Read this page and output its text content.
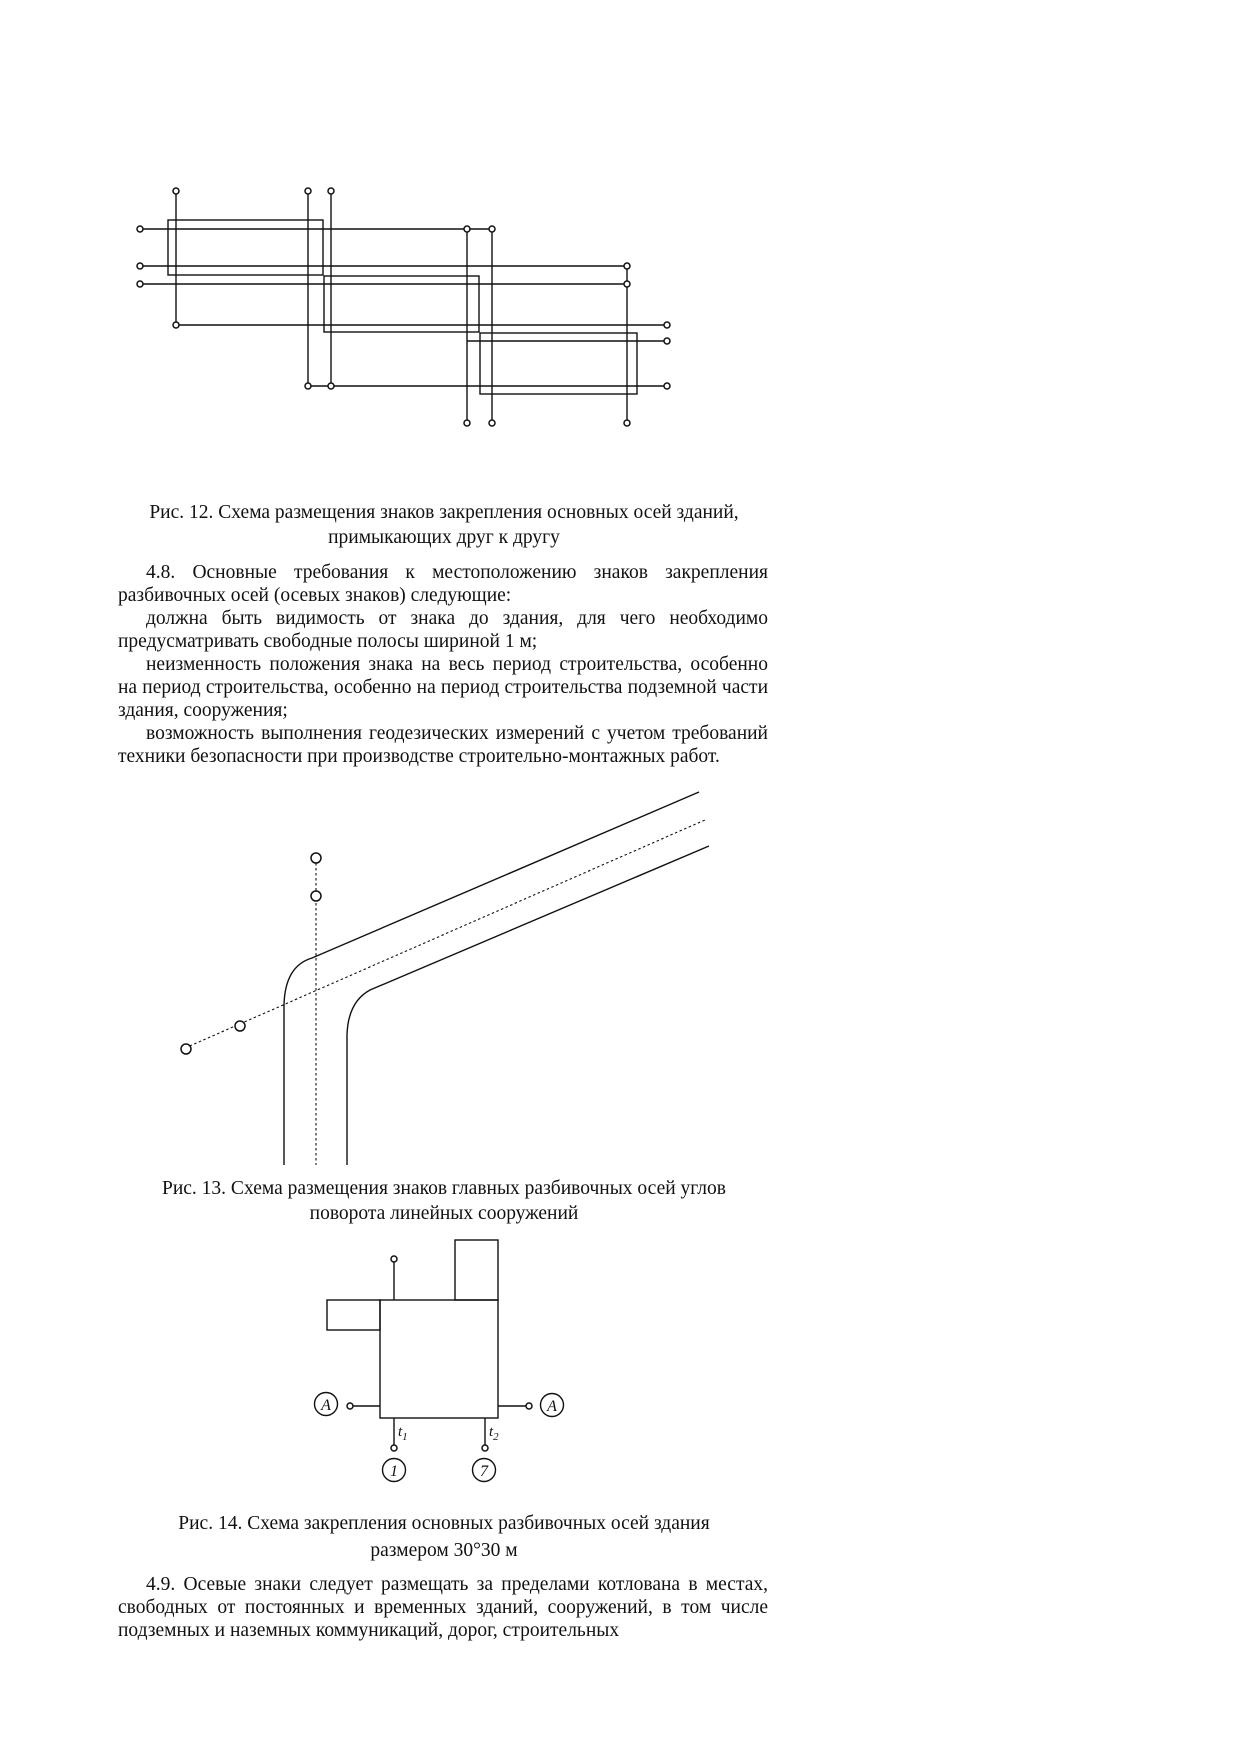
Рис. 12. Схема размещения знаков закрепления основных осей зданий,
примыкающих друг к другу

4.8. Основные требования к местоположению знаков закрепления разбивочных осей (осевых знаков) следующие:

должна быть видимость от знака до здания, для чего необходимо предусматривать свободные полосы шириной 1 м;

неизменность положения знака на весь период строительства, особенно на период строительства, особенно на период строительства подземной части здания, сооружения;

возможность выполнения геодезических измерений с учетом требований техники безопасности при производстве строительно-монтажных работ.

Рис. 13. Схема размещения знаков главных разбивочных осей углов
поворота линейных сооружений
А	А
1	7
$t_1$	$t_2$
Рис. 14. Схема закрепления основных разбивочных осей здания
размером 30°30 м

4.9. Осевые знаки следует размещать за пределами котлована в местах, свободных от постоянных и временных зданий, сооружений, в том числе подземных и наземных коммуникаций, дорог, строительных
